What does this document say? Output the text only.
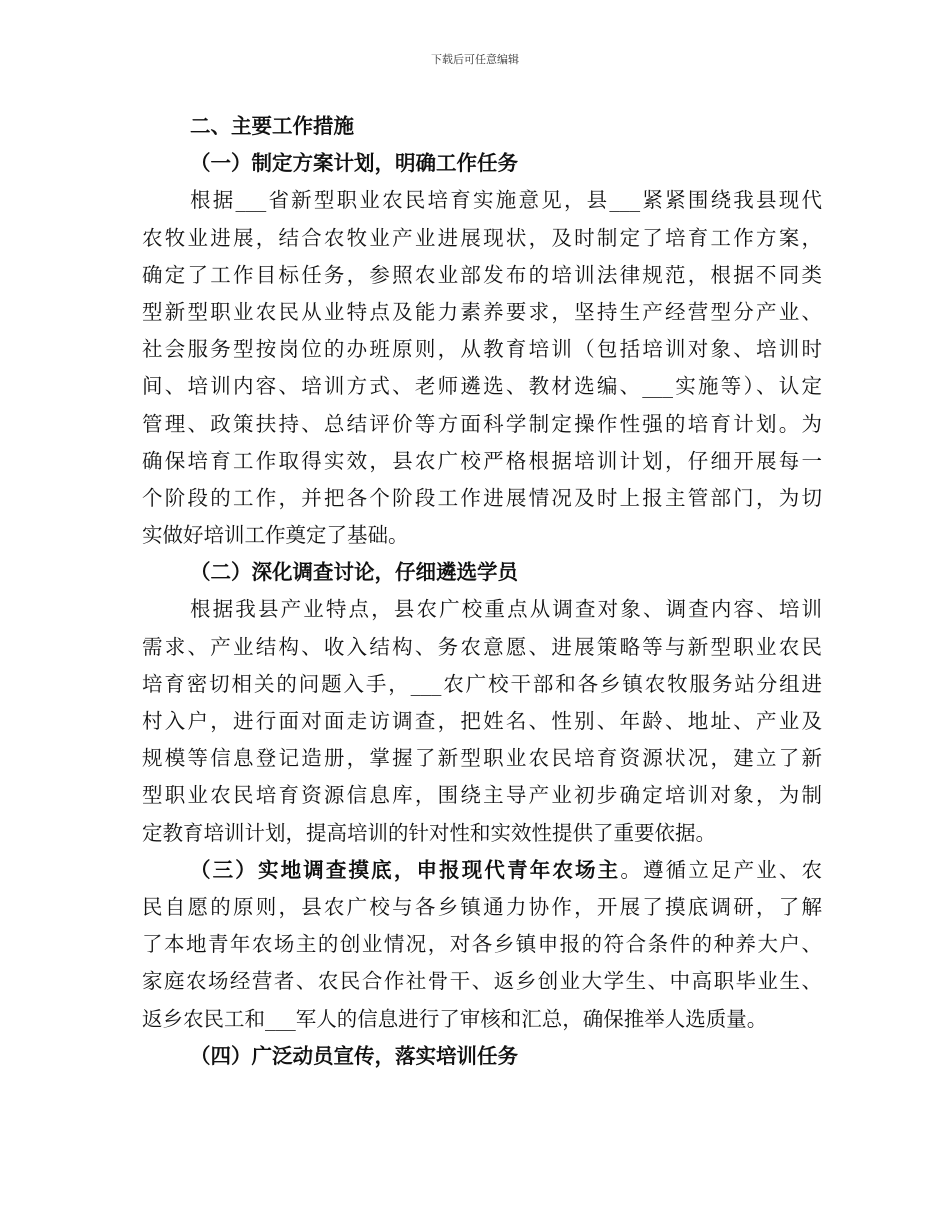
下载后可任意编辑
二、主要工作措施
（一）制定方案计划，明确工作任务
根据___省新型职业农民培育实施意见，县___紧紧围绕我县现代
农牧业进展，结合农牧业产业进展现状，及时制定了培育工作方案，
确定了工作目标任务，参照农业部发布的培训法律规范，根据不同类
型新型职业农民从业特点及能力素养要求，坚持生产经营型分产业、
社会服务型按岗位的办班原则，从教育培训（包括培训对象、培训时
间、培训内容、培训方式、老师遴选、教材选编、___实施等）、认定
管理、政策扶持、总结评价等方面科学制定操作性强的培育计划。为
确保培育工作取得实效，县农广校严格根据培训计划，仔细开展每一
个阶段的工作，并把各个阶段工作进展情况及时上报主管部门，为切
实做好培训工作奠定了基础。
（二）深化调查讨论，仔细遴选学员
根据我县产业特点，县农广校重点从调查对象、调查内容、培训
需求、产业结构、收入结构、务农意愿、进展策略等与新型职业农民
培育密切相关的问题入手，___农广校干部和各乡镇农牧服务站分组进
村入户，进行面对面走访调查，把姓名、性别、年龄、地址、产业及
规模等信息登记造册，掌握了新型职业农民培育资源状况，建立了新
型职业农民培育资源信息库，围绕主导产业初步确定培训对象，为制
定教育培训计划，提高培训的针对性和实效性提供了重要依据。
（三）实地调查摸底，申报现代青年农场主。遵循立足产业、农
民自愿的原则，县农广校与各乡镇通力协作，开展了摸底调研，了解
了本地青年农场主的创业情况，对各乡镇申报的符合条件的种养大户、
家庭农场经营者、农民合作社骨干、返乡创业大学生、中高职毕业生、
返乡农民工和___军人的信息进行了审核和汇总，确保推举人选质量。
（四）广泛动员宣传，落实培训任务
